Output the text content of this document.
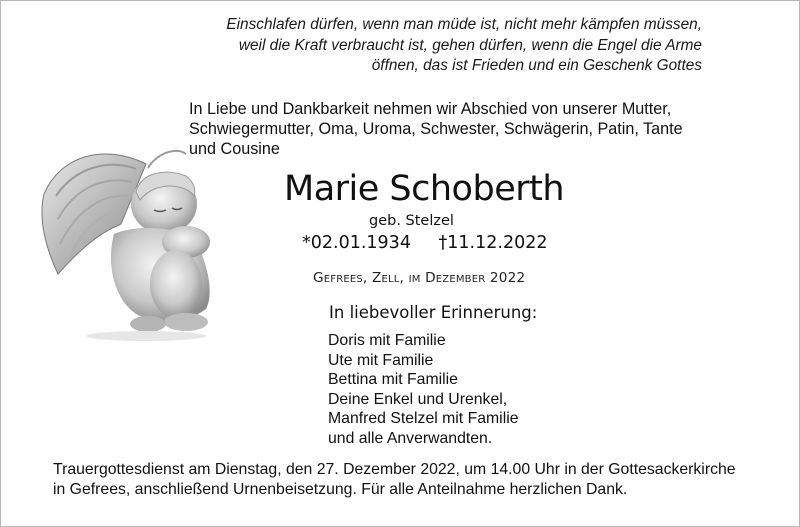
Einschlafen dürfen, wenn man müde ist, nicht mehr kämpfen müssen,
weil die Kraft verbraucht ist, gehen dürfen, wenn die Engel die Arme
öffnen, das ist Frieden und ein Geschenk Gottes
In Liebe und Dankbarkeit nehmen wir Abschied von unserer Mutter,
Schwiegermutter, Oma, Uroma, Schwester, Schwägerin, Patin, Tante
und Cousine
Marie Schoberth
geb. Stelzel
*02.01.1934 †11.12.2022
Gefrees, Zell, im Dezember 2022
In liebevoller Erinnerung:
Doris mit Familie
Ute mit Familie
Bettina mit Familie
Deine Enkel und Urenkel,
Manfred Stelzel mit Familie
und alle Anverwandten.
Trauergottesdienst am Dienstag, den 27. Dezember 2022, um 14.00 Uhr in der Gottesackerkirche
in Gefrees, anschließend Urnenbeisetzung. Für alle Anteilnahme herzlichen Dank.
